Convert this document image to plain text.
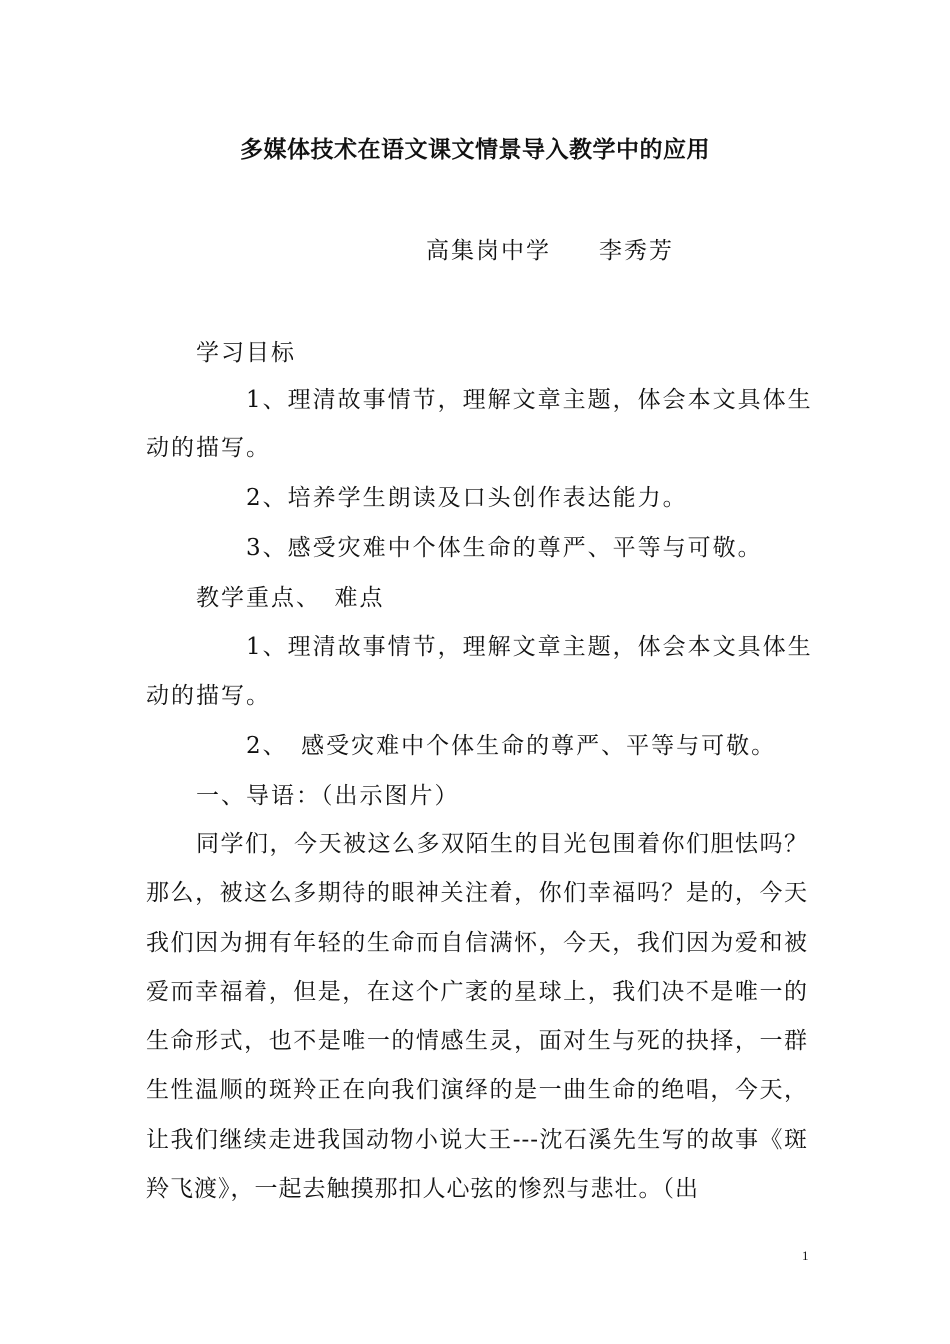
多媒体技术在语文课文情景导入教学中的应用
高集岗中学 李秀芳
学习目标
1、理清故事情节，理解文章主题，体会本文具体生
动的描写。
2、培养学生朗读及口头创作表达能力。
3、感受灾难中个体生命的尊严、平等与可敬。
教学重点、　难点
1、理清故事情节，理解文章主题，体会本文具体生
动的描写。
2、　感受灾难中个体生命的尊严、平等与可敬。
一、导语：（出示图片）
同学们，今天被这么多双陌生的目光包围着你们胆怯吗？那么，被这么多期待的眼神关注着，你们幸福吗？是的，今天我们因为拥有年轻的生命而自信满怀，今天，我们因为爱和被爱而幸福着，但是，在这个广袤的星球上，我们决不是唯一的生命形式，也不是唯一的情感生灵，面对生与死的抉择，一群生性温顺的斑羚正在向我们演绎的是一曲生命的绝唱，今天，让我们继续走进我国动物小说大王---沈石溪先生写的故事《斑羚飞渡》，一起去触摸那扣人心弦的惨烈与悲壮。（出
1
